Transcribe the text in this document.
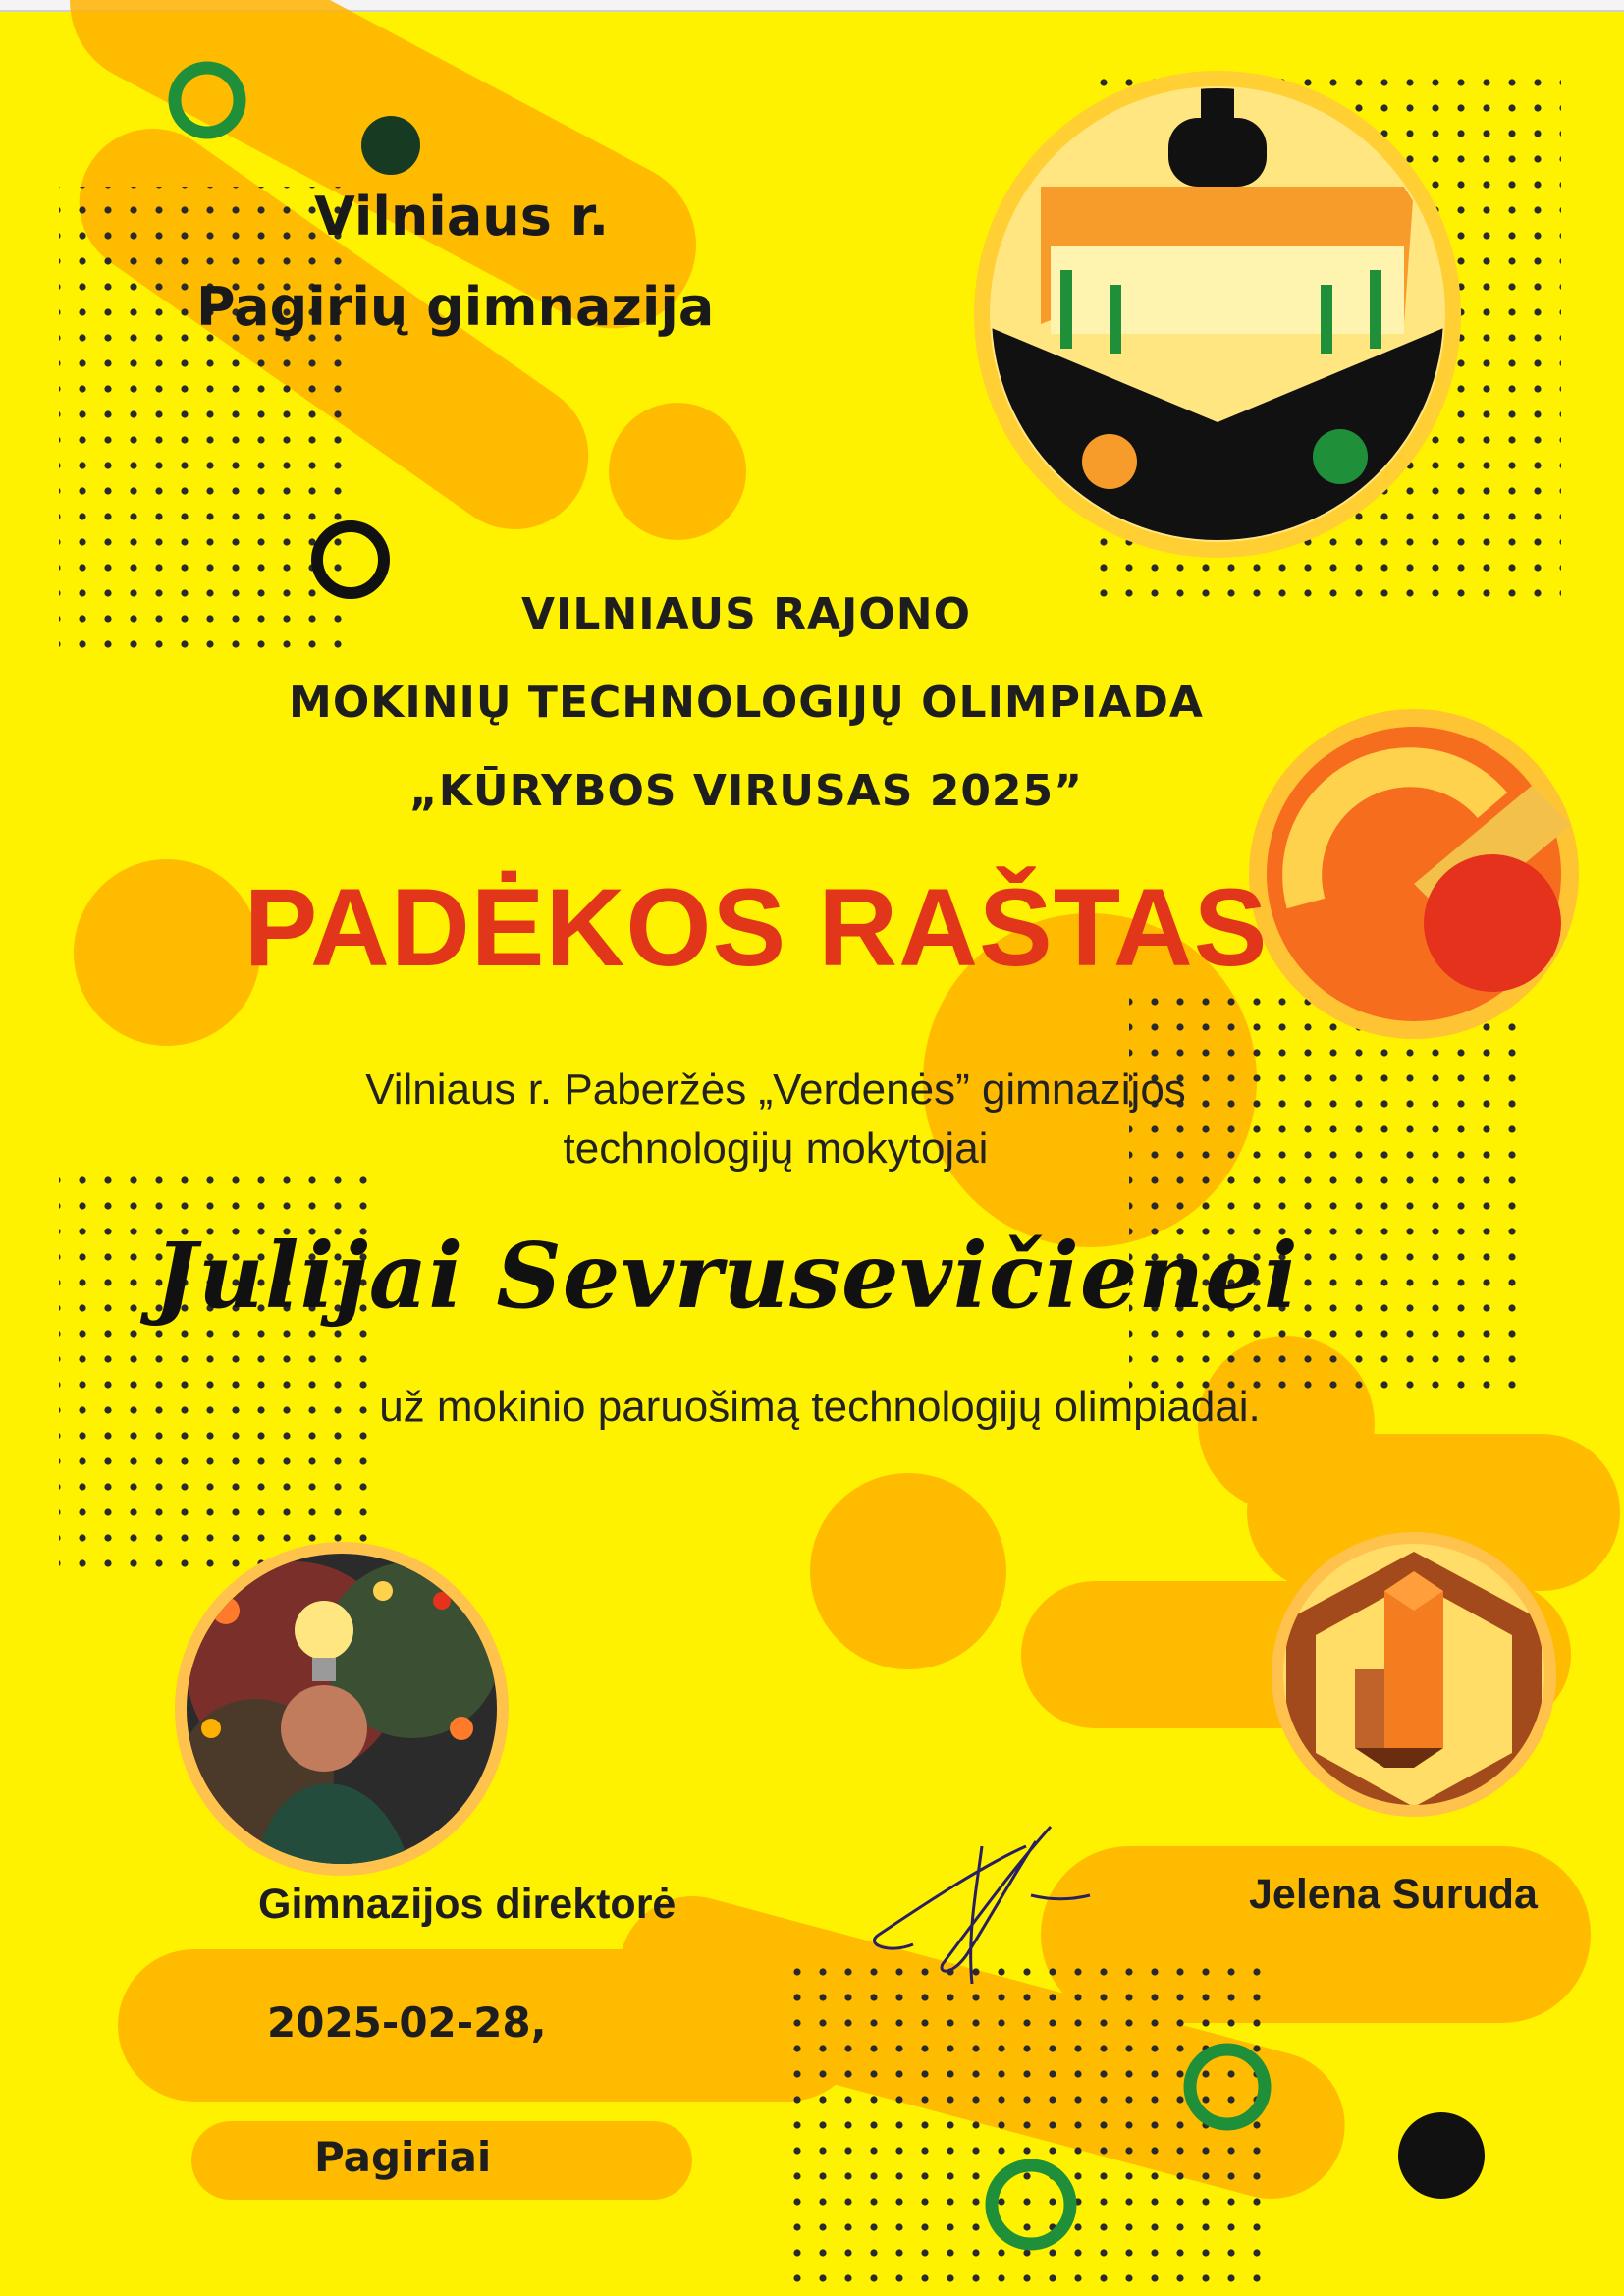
Vilniaus r.
Pagirių gimnazija
VILNIAUS RAJONO
MOKINIŲ TECHNOLOGIJŲ OLIMPIADA
„KŪRYBOS VIRUSAS 2025”
PADĖKOS RAŠTAS
Vilniaus r. Paberžės „Verdenės” gimnazijos
technologijų mokytojai
Julijai Sevrusevičienei
už mokinio paruošimą technologijų olimpiadai.
Gimnazijos direktorė	Jelena Suruda
2025-02-28,
Pagiriai
